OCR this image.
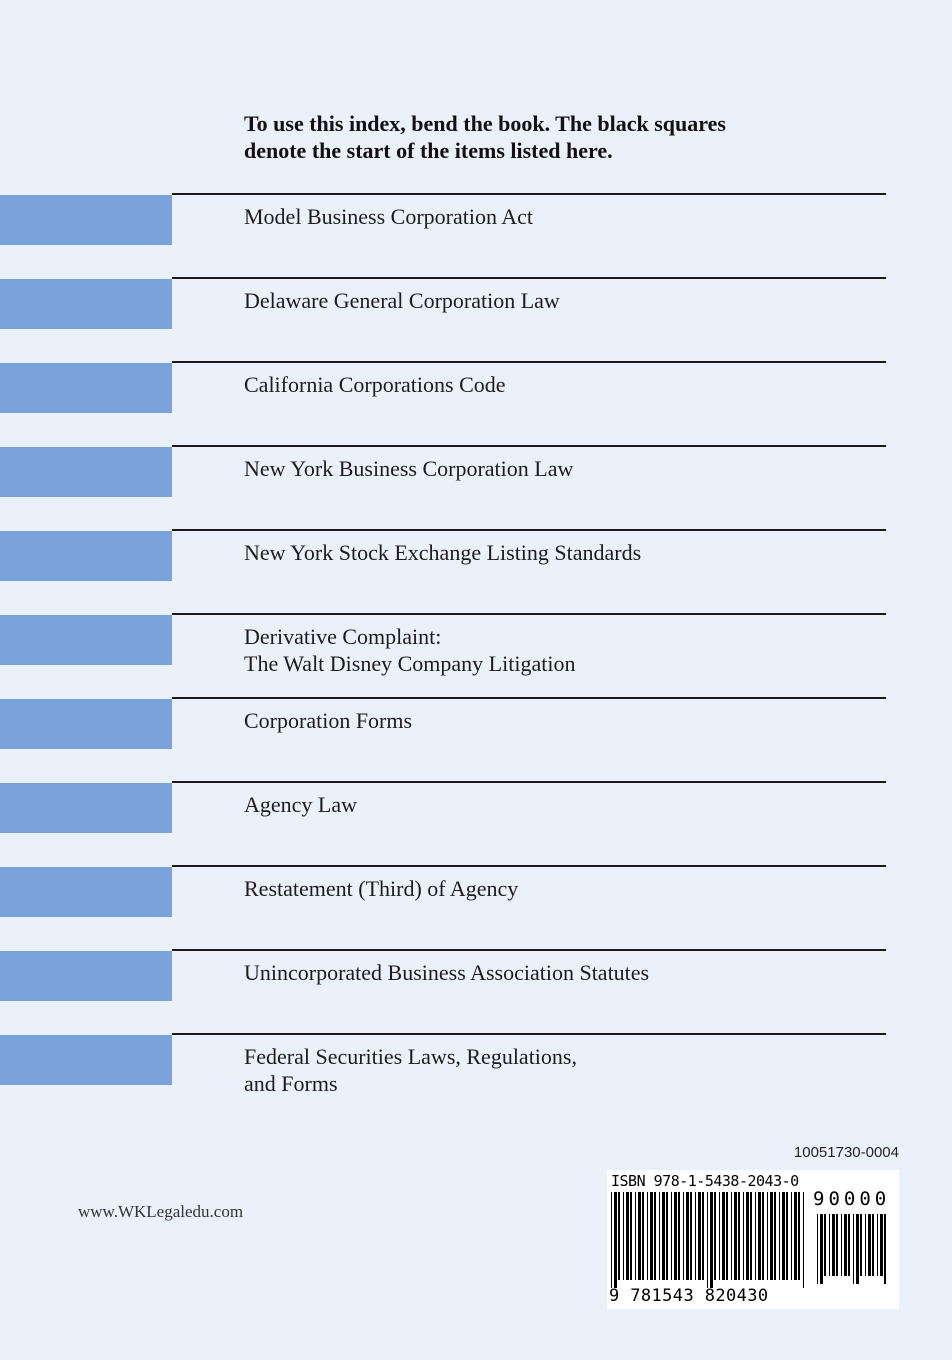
To use this index, bend the book. The black squares
denote the start of the items listed here.
Model Business Corporation Act
Delaware General Corporation Law
California Corporations Code
New York Business Corporation Law
New York Stock Exchange Listing Standards
Derivative Complaint:
The Walt Disney Company Litigation
Corporation Forms
Agency Law
Restatement (Third) of Agency
Unincorporated Business Association Statutes
Federal Securities Laws, Regulations,
and Forms
www.WKLegaledu.com
10051730-0004
ISBN 978-1-5438-2043-0
90000
9 781543 820430
